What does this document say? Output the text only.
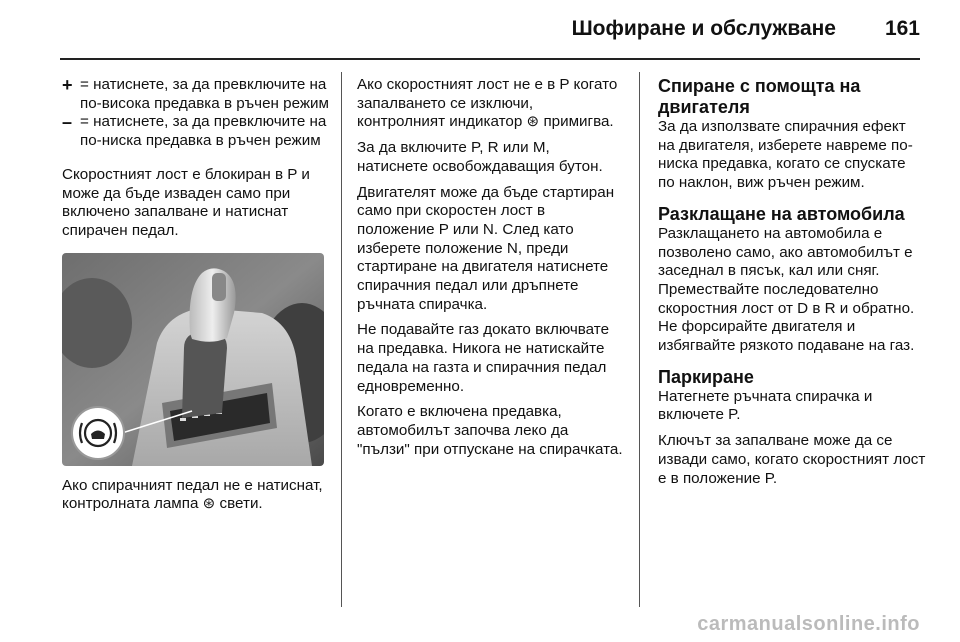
Шофиране и обслужване 161
+ = натиснете, за да превключите на по-висока предавка в ръчен режим
– = натиснете, за да превключите на по-ниска предавка в ръчен режим

Скоростният лост е блокиран в P и може да бъде изваден само при включено запалване и натиснат спирачен педал.

Ако спирачният педал не е натиснат, контролната лампа ⊛ свети.

Ако скоростният лост не е в P когато запалването се изключи, контролният индикатор ⊛ примигва.

За да включите P, R или M, натиснете освобождаващия бутон.

Двигателят може да бъде стартиран само при скоростен лост в положение P или N. След като изберете положение N, преди стартиране на двигателя натиснете спирачния педал или дръпнете ръчната спирачка.

Не подавайте газ докато включвате на предавка. Никога не натискайте педала на газта и спирачния педал едновременно.

Когато е включена предавка, автомобилът започва леко да "пълзи" при отпускане на спирачката.

Спиране с помощта на двигателя

За да използвате спирачния ефект на двигателя, изберете навреме по-ниска предавка, когато се спускате по наклон, виж ръчен режим.

Разклащане на автомобила

Разклащането на автомобила е позволено само, ако автомобилът е заседнал в пясък, кал или сняг. Премествайте последователно скоростния лост от D в R и обратно. Не форсирайте двигателя и избягвайте рязкото подаване на газ.

Паркиране

Натегнете ръчната спирачка и включете P.

Ключът за запалване може да се извади само, когато скоростният лост е в положение P.

carmanualsonline.info
